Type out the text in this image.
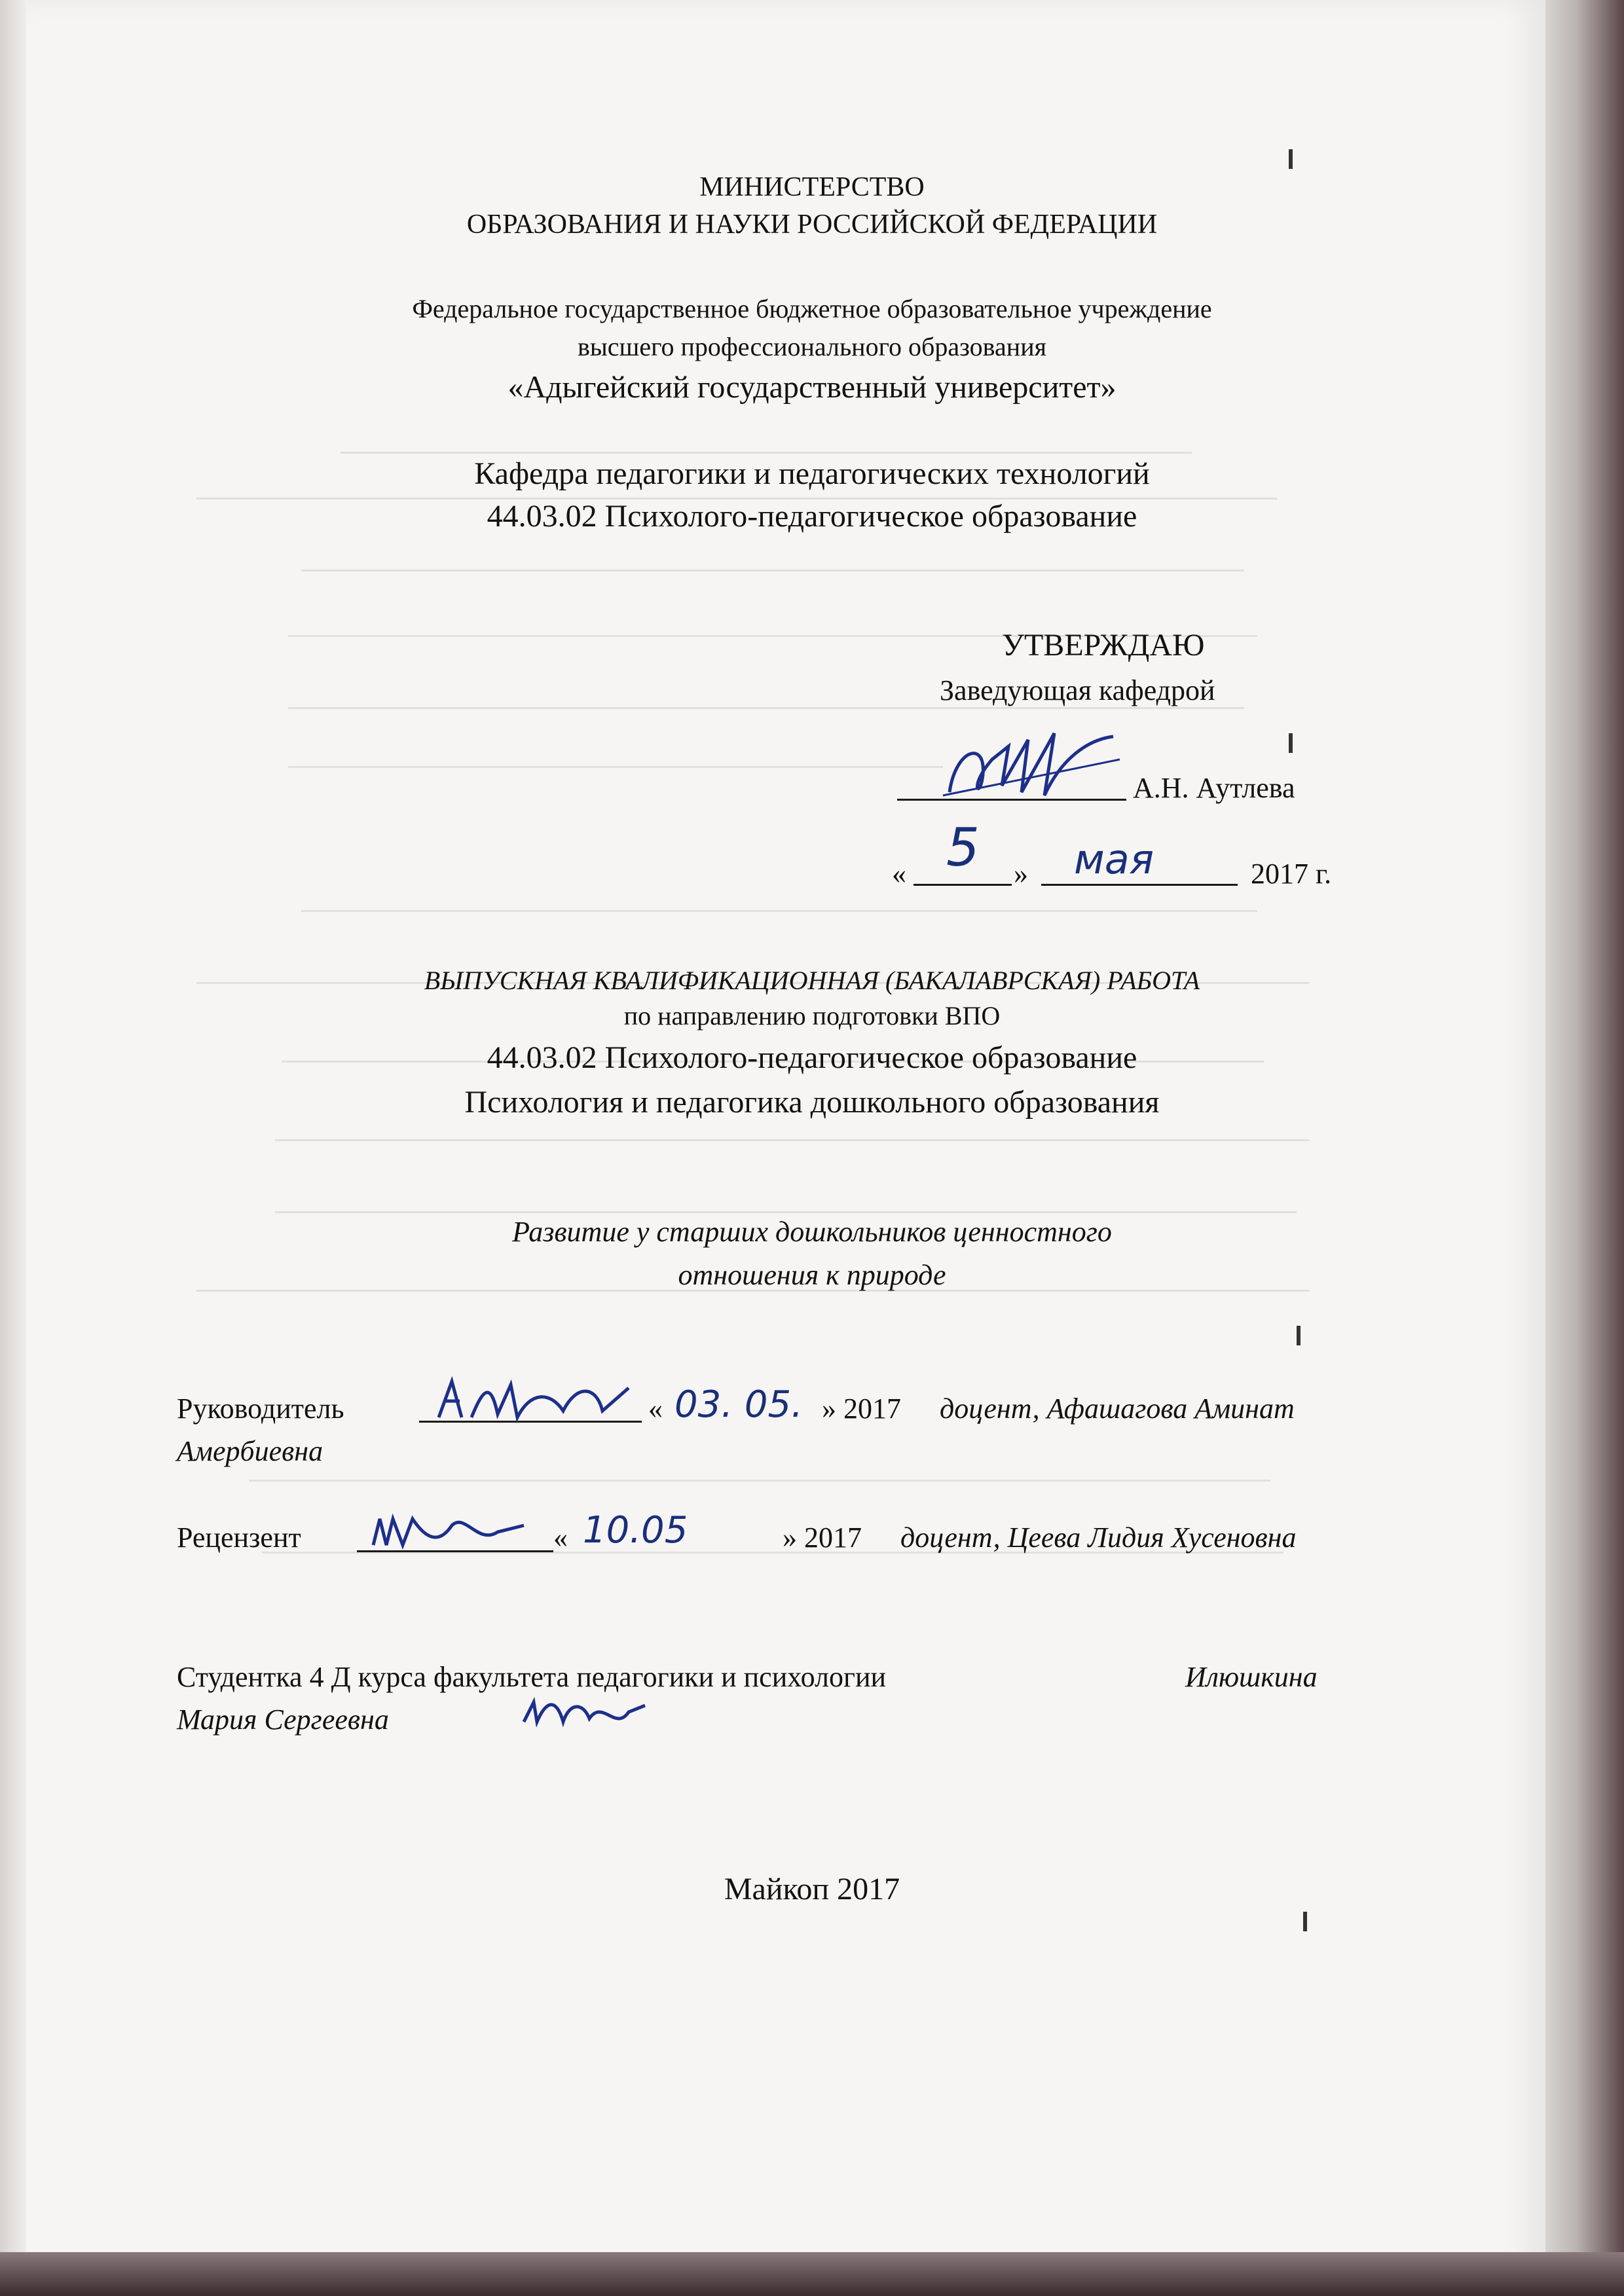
МИНИСТЕРСТВО
ОБРАЗОВАНИЯ И НАУКИ РОССИЙСКОЙ ФЕДЕРАЦИИ
Федеральное государственное бюджетное образовательное учреждение
высшего профессионального образования
«Адыгейский государственный университет»
Кафедра педагогики и педагогических технологий
44.03.02 Психолого-педагогическое образование
УТВЕРЖДАЮ
Заведующая кафедрой
А.Н. Аутлева
« 5 » мая	2017 г.
ВЫПУСКНАЯ КВАЛИФИКАЦИОННАЯ (БАКАЛАВРСКАЯ) РАБОТА
по направлению подготовки ВПО
44.03.02 Психолого-педагогическое образование
Психология и педагогика дошкольного образования
Развитие у старших дошкольников ценностного
отношения к природе
Руководитель	« 03. 05. » 2017 доцент, Афашагова Аминат
Амербиевна
Рецензент	« 10.05	» 2017 доцент, Цеева Лидия Хусеновна
Студентка 4 Д курса факультета педагогики и психологии	Илюшкина
Мария Сергеевна
Майкоп 2017
